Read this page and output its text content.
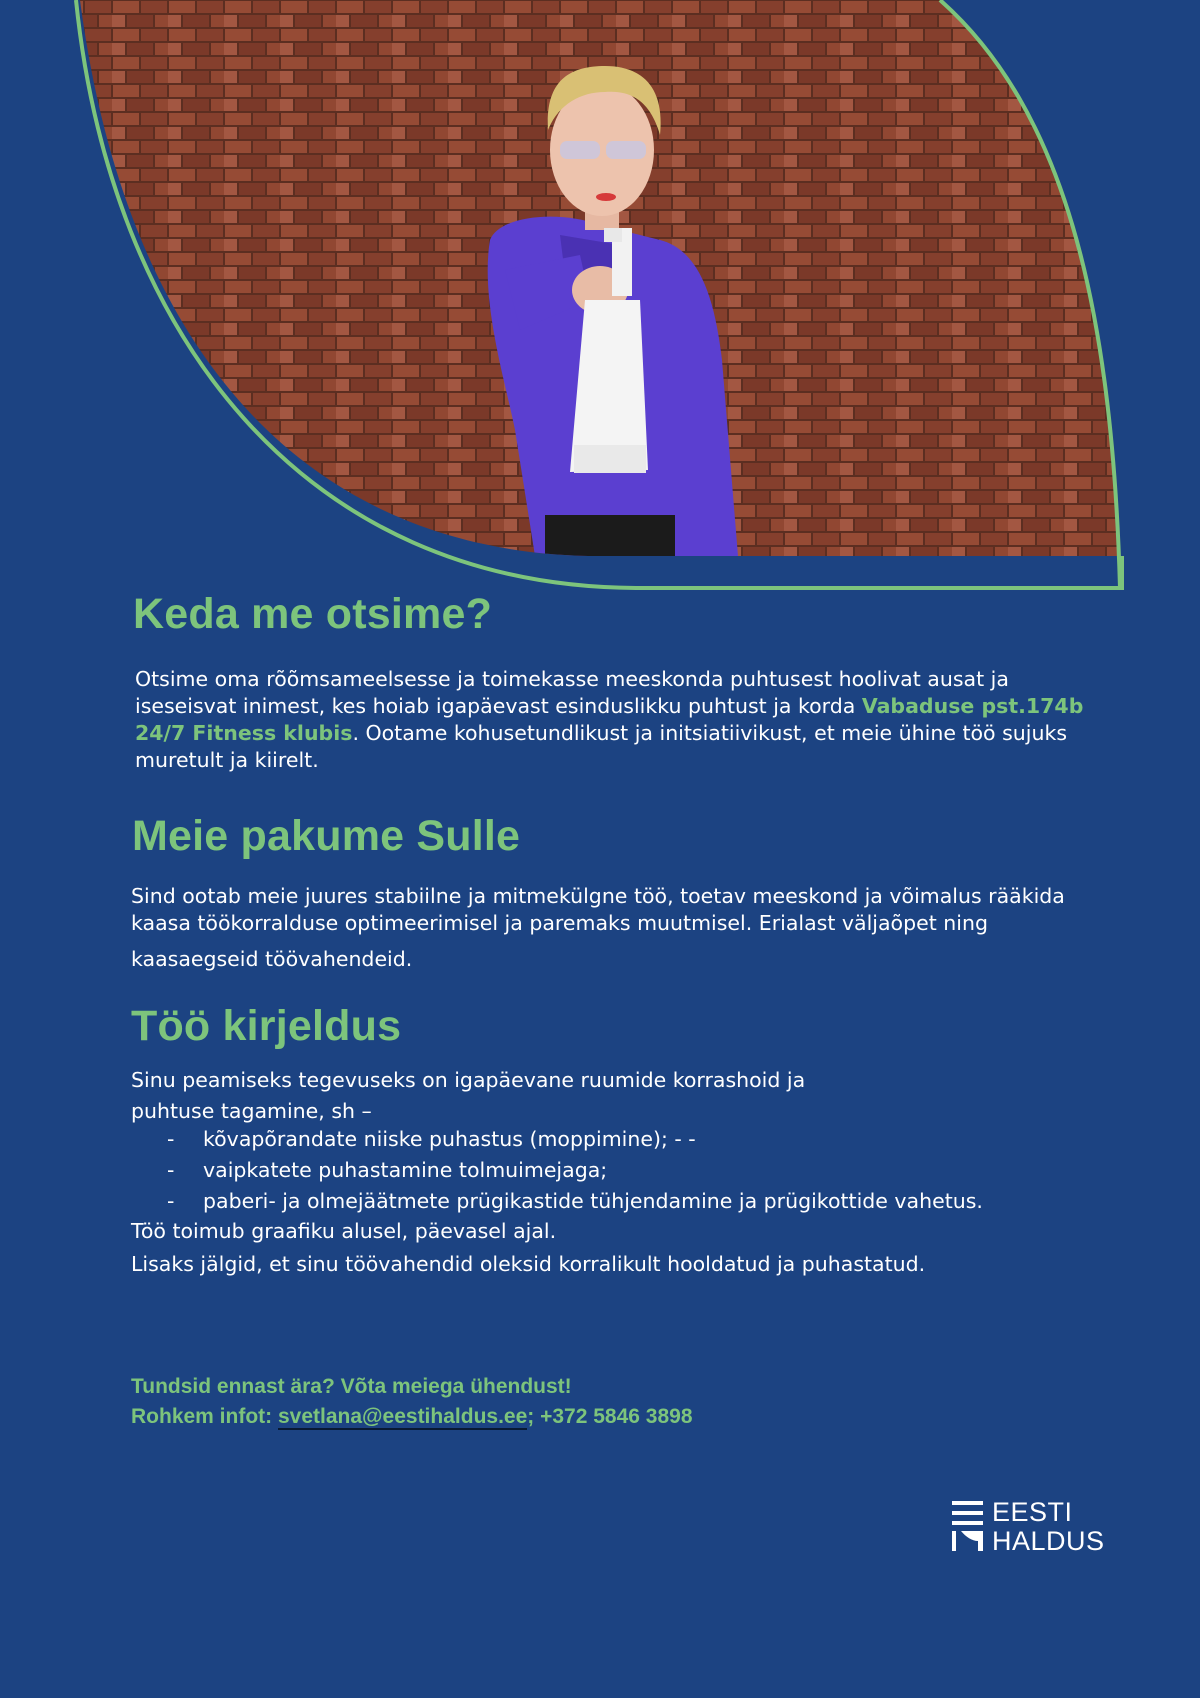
Keda me otsime?

Otsime oma rõõmsameelsesse ja toimekasse meeskonda puhtusest hoolivat ausat ja iseseisvat inimest, kes hoiab igapäevast esinduslikku puhtust ja korda Vabaduse pst.174b 24/7 Fitness klubis. Ootame kohusetundlikust ja initsiatiivikust, et meie ühine töö sujuks muretult ja kiirelt.

Meie pakume Sulle

Sind ootab meie juures stabiilne ja mitmekülgne töö, toetav meeskond ja võimalus rääkida kaasa töökorralduse optimeerimisel ja paremaks muutmisel. Erialast väljaõpet ning

kaasaegseid töövahendeid.

Töö kirjeldus

Sinu peamiseks tegevuseks on igapäevane ruumide korrashoid ja puhtuse tagamine, sh –

- kõvapõrandate niiske puhastus (moppimine); - -
- vaipkatete puhastamine tolmuimejaga;
- paberi- ja olmejäätmete prügikastide tühjendamine ja prügikottide vahetus.

Töö toimub graafiku alusel, päevasel ajal.

Lisaks jälgid, et sinu töövahendid oleksid korralikult hooldatud ja puhastatud.

Tundsid ennast ära? Võta meiega ühendust!
Rohkem infot: svetlana@eestihaldus.ee; +372 5846 3898
EESTI
HALDUS
